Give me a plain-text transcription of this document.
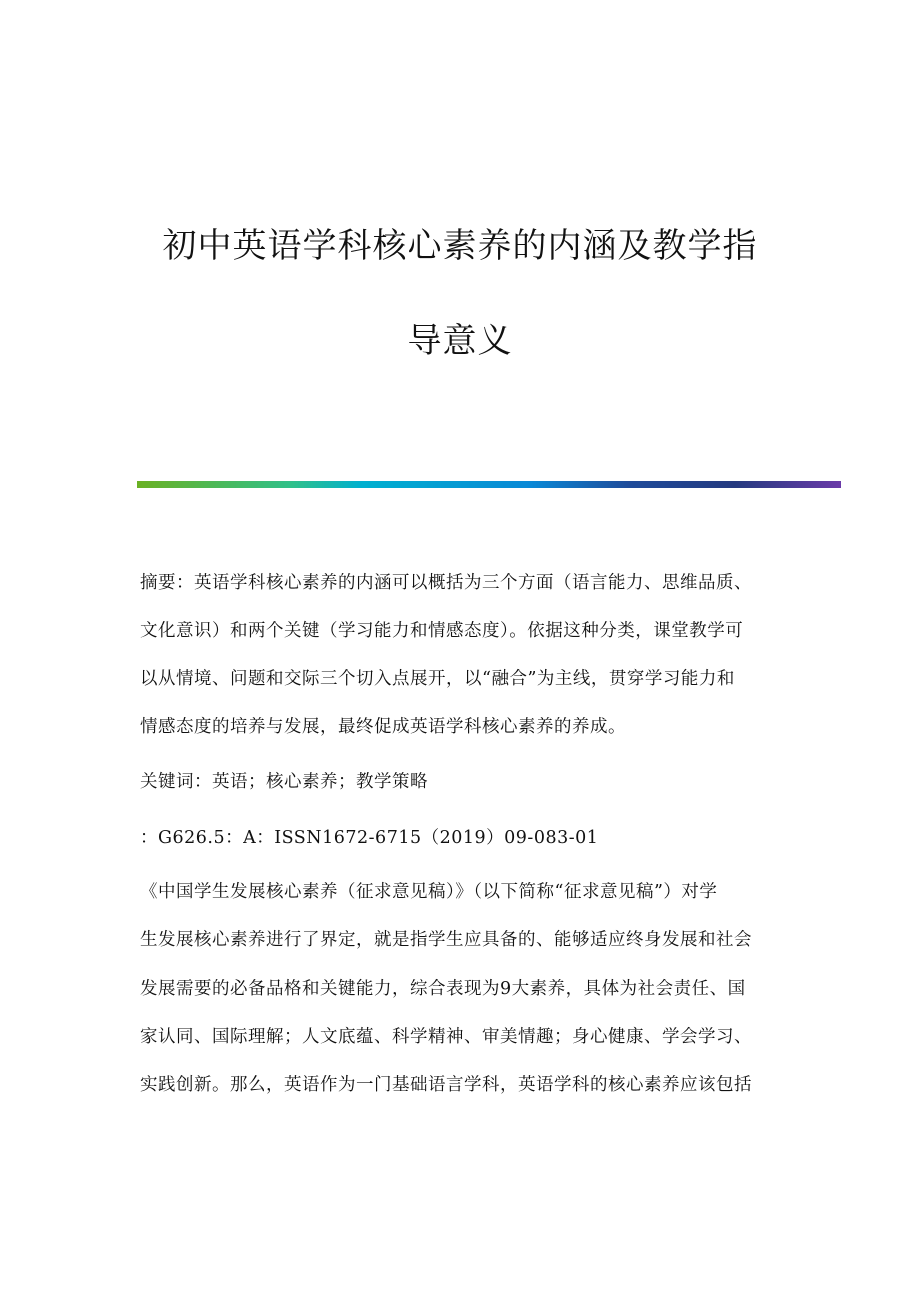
初中英语学科核心素养的内涵及教学指
导意义
摘要：英语学科核心素养的内涵可以概括为三个方面（语言能力、思维品质、
文化意识）和两个关键（学习能力和情感态度）。依据这种分类，课堂教学可
以从情境、问题和交际三个切入点展开，以“融合”为主线，贯穿学习能力和
情感态度的培养与发展，最终促成英语学科核心素养的养成。
关键词：英语；核心素养；教学策略
：G626.5：A：ISSN1672-6715（2019）09-083-01
《中国学生发展核心素养（征求意见稿）》（以下简称“征求意见稿”）对学
生发展核心素养进行了界定，就是指学生应具备的、能够适应终身发展和社会
发展需要的必备品格和关键能力，综合表现为9大素养，具体为社会责任、国
家认同、国际理解；人文底蕴、科学精神、审美情趣；身心健康、学会学习、
实践创新。那么，英语作为一门基础语言学科，英语学科的核心素养应该包括
